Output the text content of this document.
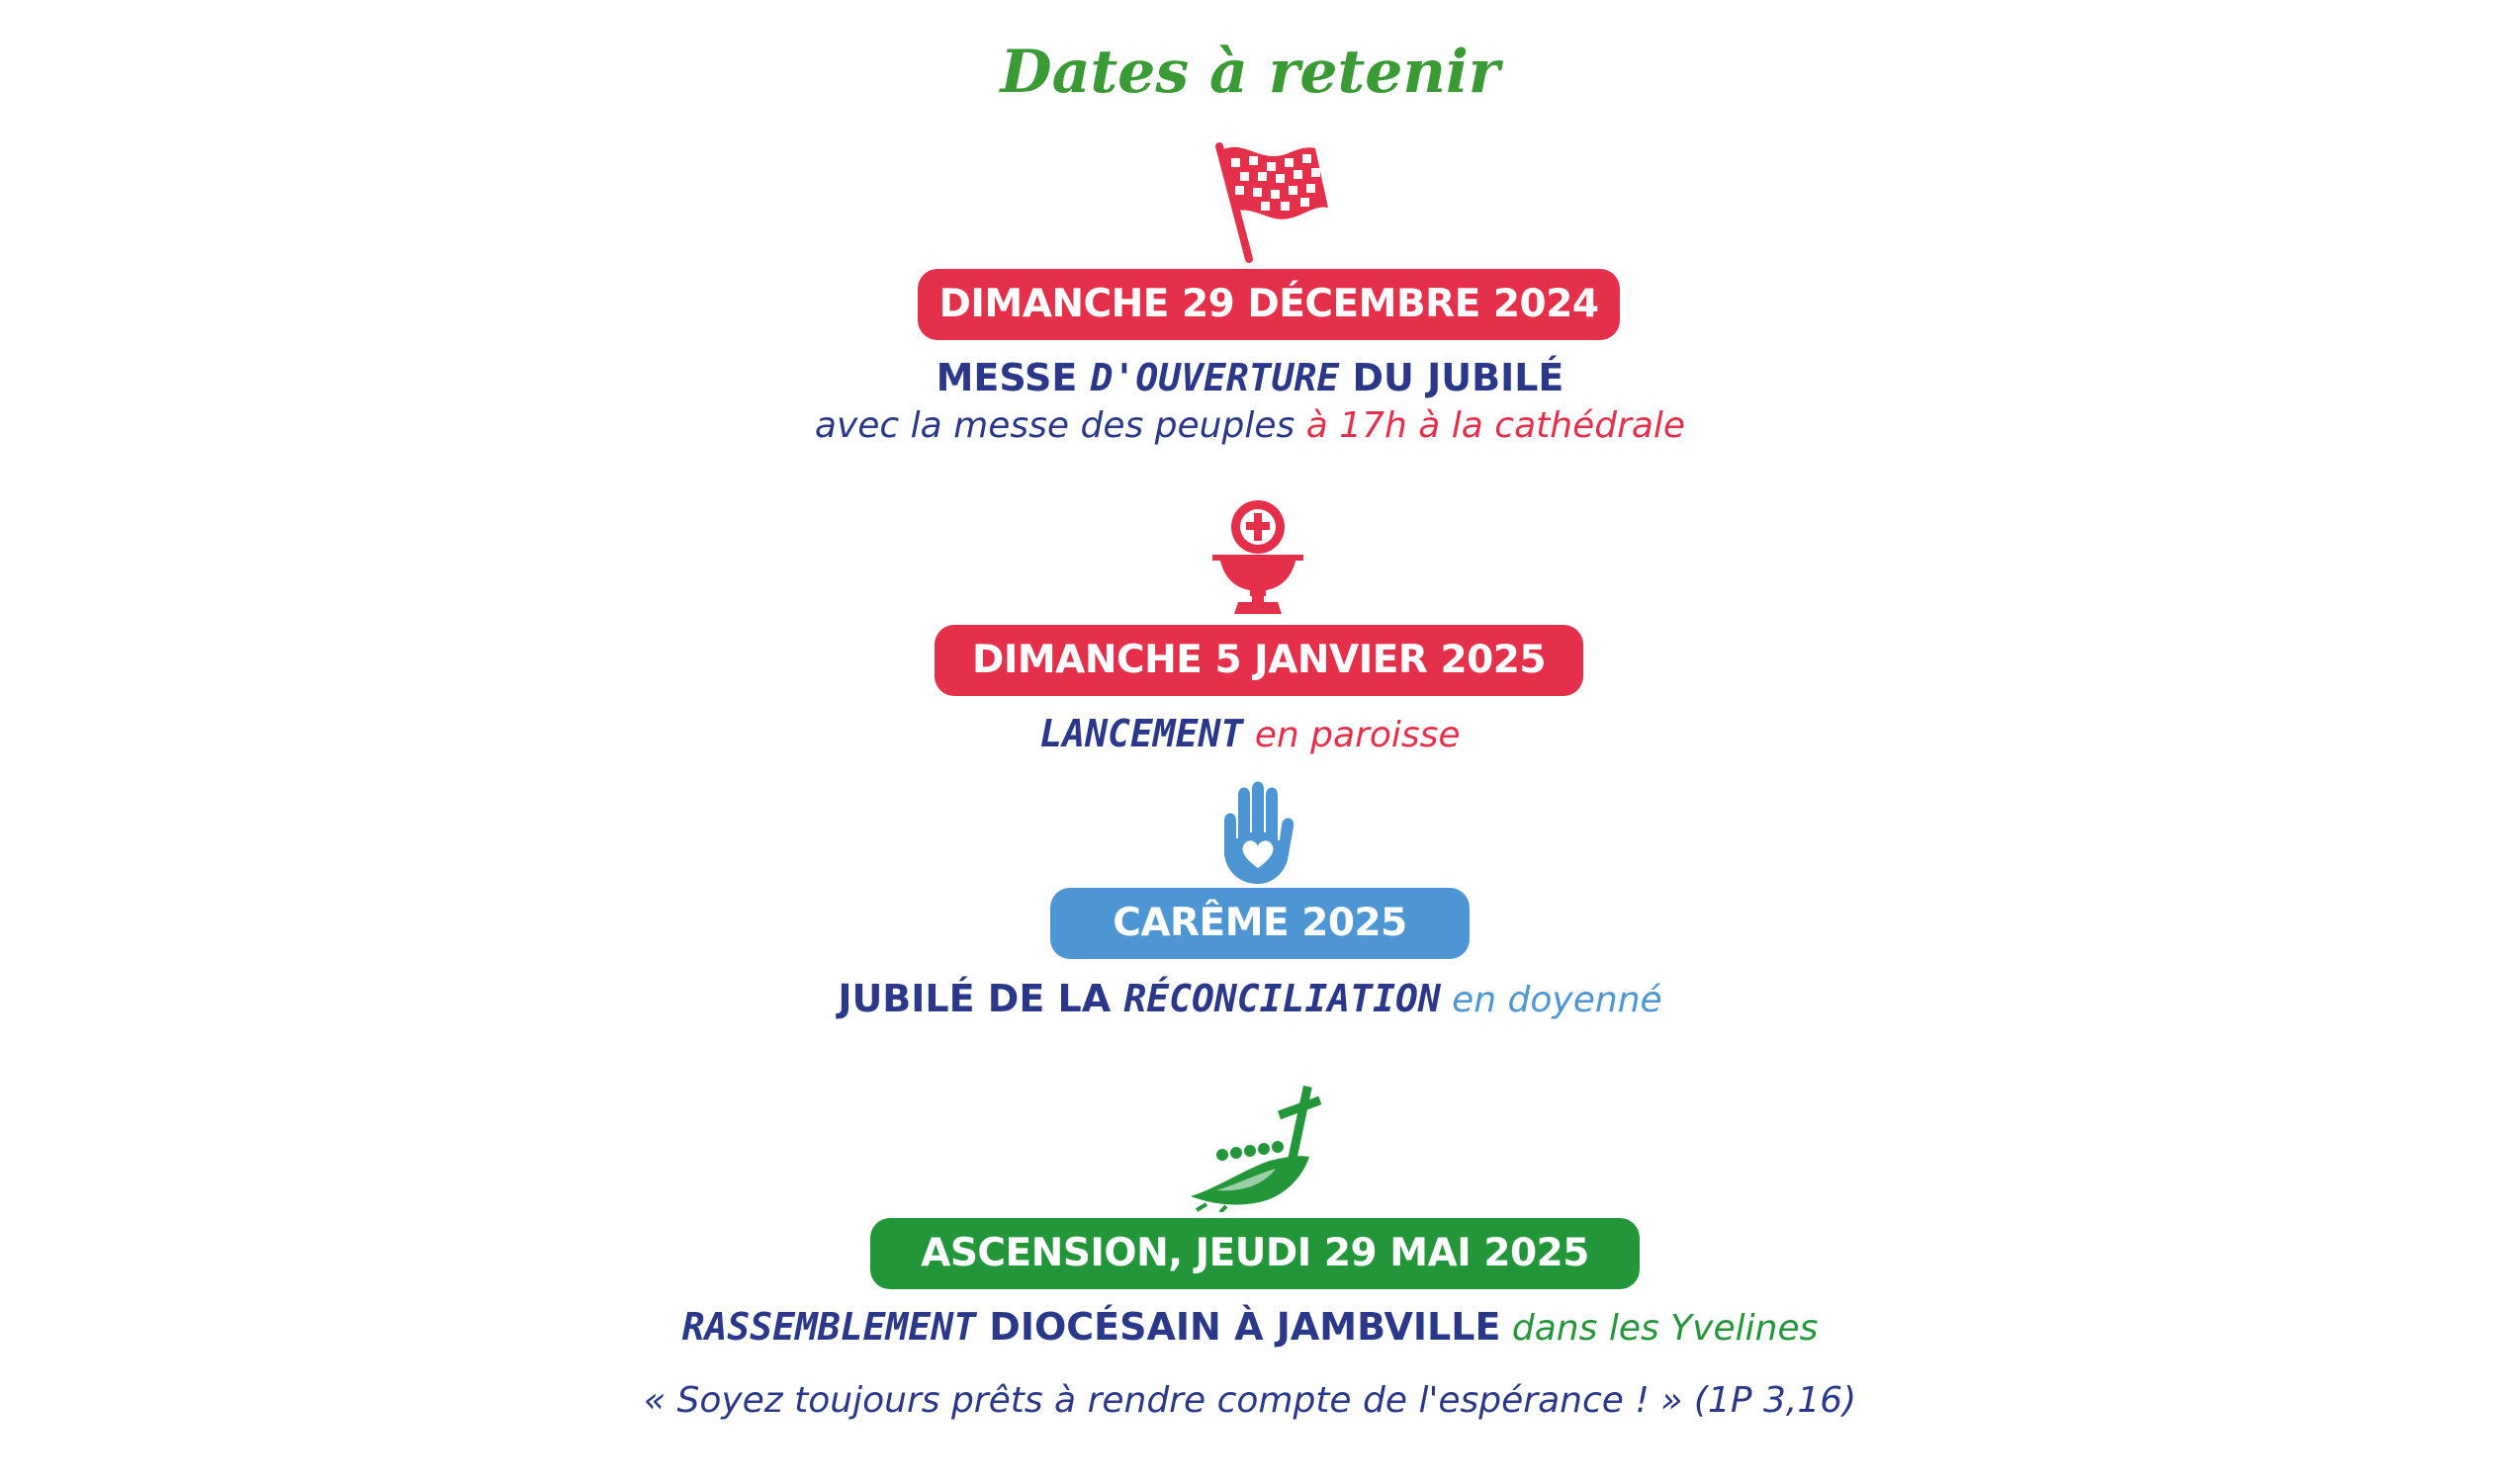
Dates à retenir
DIMANCHE 29 DÉCEMBRE 2024
MESSE D'OUVERTURE DU JUBILÉ
avec la messe des peuples à 17h à la cathédrale
DIMANCHE 5 JANVIER 2025
LANCEMENT en paroisse
CARÊME 2025
JUBILÉ DE LA RÉCONCILIATION en doyenné
ASCENSION, JEUDI 29 MAI 2025
RASSEMBLEMENT DIOCÉSAIN À JAMBVILLE dans les Yvelines
« Soyez toujours prêts à rendre compte de l'espérance ! » (1P 3,16)
